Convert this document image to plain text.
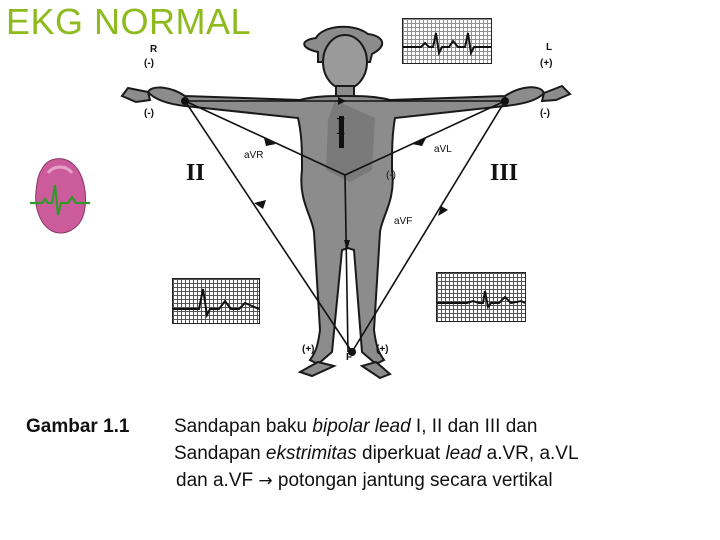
EKG NORMAL
R
(-)
(-)
L
(+)
(-)
I
II	III
aVR
aVL
(-)
aVF
(+)
F
(+)
Gambar 1.1	Sandapan baku bipolar lead I, II dan III dan
Sandapan ekstrimitas diperkuat lead a.VR, a.VL
dan a.VF → potongan jantung secara vertikal
